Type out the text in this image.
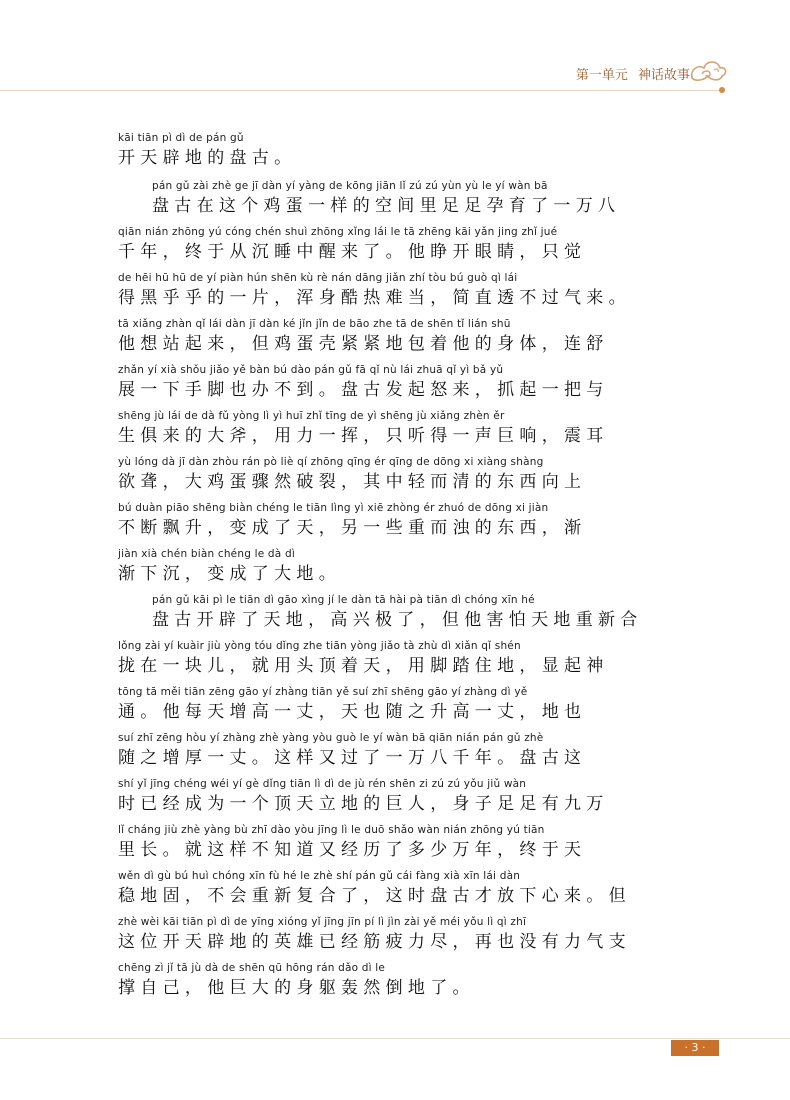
第一单元 神话故事
kāi tiān pì dì de pán gǔ
开天辟地的盘古。
pán gǔ zài zhè ge jī dàn yí yàng de kōng jiān lǐ zú zú yùn yù le yí wàn bā
盘古在这个鸡蛋一样的空间里足足孕育了一万八
qiān nián zhōng yú cóng chén shuì zhōng xǐng lái le tā zhēng kāi yǎn jing zhǐ jué
千年，终于从沉睡中醒来了。他睁开眼睛，只觉
de hēi hū hū de yí piàn hún shēn kù rè nán dāng jiǎn zhí tòu bú guò qì lái
得黑乎乎的一片，浑身酷热难当，简直透不过气来。
tā xiǎng zhàn qǐ lái dàn jī dàn ké jǐn jǐn de bāo zhe tā de shēn tǐ lián shū
他想站起来，但鸡蛋壳紧紧地包着他的身体，连舒
zhǎn yí xià shǒu jiǎo yě bàn bú dào pán gǔ fā qǐ nù lái zhuā qǐ yì bǎ yǔ
展一下手脚也办不到。盘古发起怒来，抓起一把与
shēng jù lái de dà fǔ yòng lì yì huī zhǐ tīng de yì shēng jù xiǎng zhèn ěr
生俱来的大斧，用力一挥，只听得一声巨响，震耳
yù lóng dà jī dàn zhòu rán pò liè qí zhōng qīng ér qīng de dōng xi xiàng shàng
欲聋，大鸡蛋骤然破裂，其中轻而清的东西向上
bú duàn piāo shēng biàn chéng le tiān lìng yì xiē zhòng ér zhuó de dōng xi jiàn
不断飘升，变成了天，另一些重而浊的东西，渐
jiàn xià chén biàn chéng le dà dì
渐下沉，变成了大地。
pán gǔ kāi pì le tiān dì gāo xìng jí le dàn tā hài pà tiān dì chóng xīn hé
盘古开辟了天地，高兴极了，但他害怕天地重新合
lǒng zài yí kuàir jiù yòng tóu dǐng zhe tiān yòng jiǎo tà zhù dì xiǎn qǐ shén
拢在一块儿，就用头顶着天，用脚踏住地，显起神
tōng tā měi tiān zēng gāo yí zhàng tiān yě suí zhī shēng gāo yí zhàng dì yě
通。他每天增高一丈，天也随之升高一丈，地也
suí zhī zēng hòu yí zhàng zhè yàng yòu guò le yí wàn bā qiān nián pán gǔ zhè
随之增厚一丈。这样又过了一万八千年。盘古这
shí yǐ jīng chéng wéi yí gè dǐng tiān lì dì de jù rén shēn zi zú zú yǒu jiǔ wàn
时已经成为一个顶天立地的巨人，身子足足有九万
lǐ cháng jiù zhè yàng bù zhī dào yòu jīng lì le duō shǎo wàn nián zhōng yú tiān
里长。就这样不知道又经历了多少万年，终于天
wěn dì gù bú huì chóng xīn fù hé le zhè shí pán gǔ cái fàng xià xīn lái dàn
稳地固，不会重新复合了，这时盘古才放下心来。但
zhè wèi kāi tiān pì dì de yīng xióng yǐ jīng jīn pí lì jìn zài yě méi yǒu lì qì zhī
这位开天辟地的英雄已经筋疲力尽，再也没有力气支
chēng zì jǐ tā jù dà de shēn qū hōng rán dǎo dì le
撑自己，他巨大的身躯轰然倒地了。
· 3 ·
